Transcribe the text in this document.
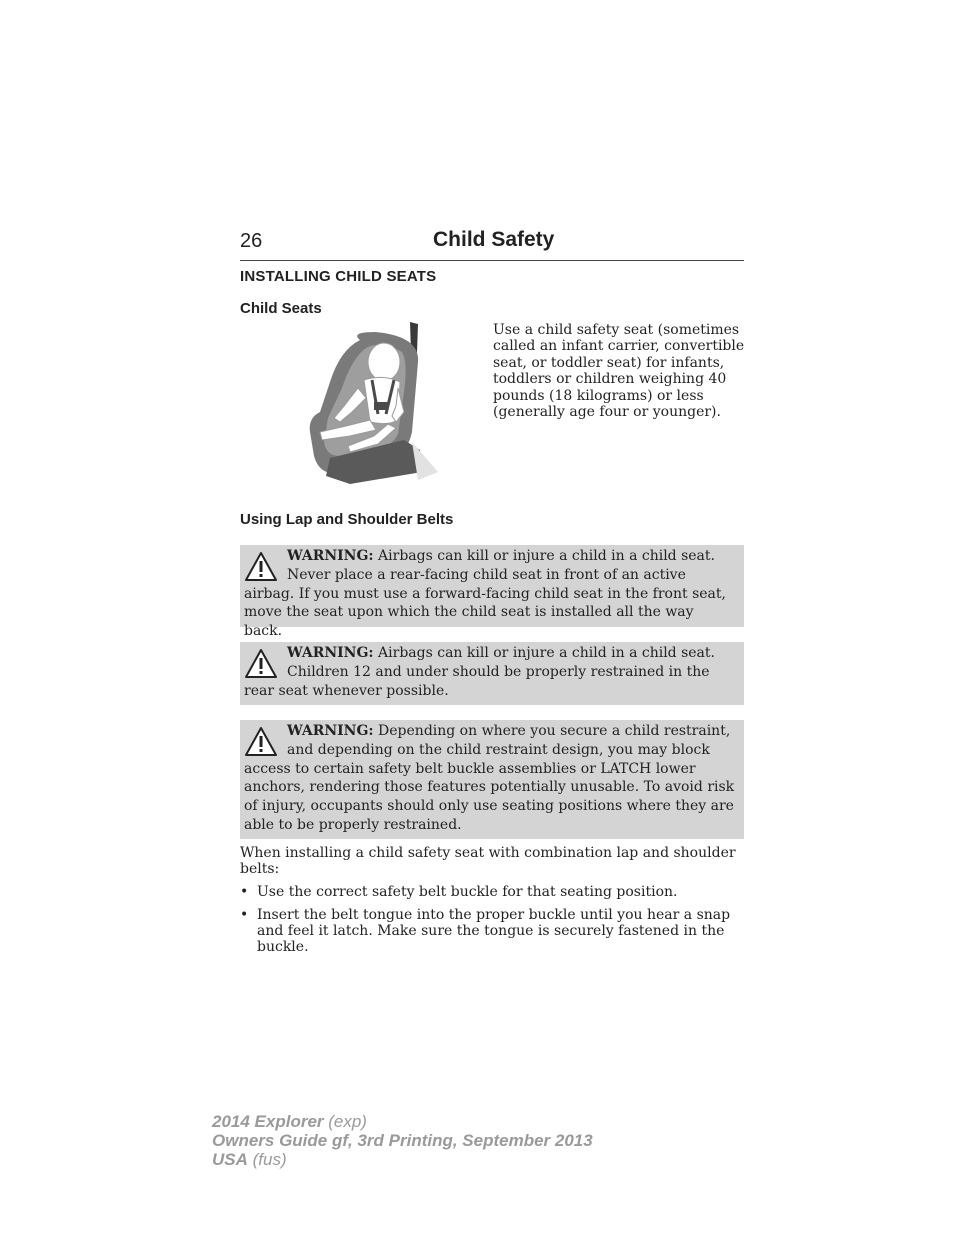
26	Child Safety
INSTALLING CHILD SEATS
Child Seats

Use a child safety seat (sometimes called an infant carrier, convertible seat, or toddler seat) for infants, toddlers or children weighing 40 pounds (18 kilograms) or less (generally age four or younger).

Using Lap and Shoulder Belts
WARNING: Airbags can kill or injure a child in a child seat. Never place a rear-facing child seat in front of an active airbag. If you must use a forward-facing child seat in the front seat, move the seat upon which the child seat is installed all the way back.
WARNING: Airbags can kill or injure a child in a child seat. Children 12 and under should be properly restrained in the rear seat whenever possible.
WARNING: Depending on where you secure a child restraint, and depending on the child restraint design, you may block access to certain safety belt buckle assemblies or LATCH lower anchors, rendering those features potentially unusable. To avoid risk of injury, occupants should only use seating positions where they are able to be properly restrained.

When installing a child safety seat with combination lap and shoulder belts:

• Use the correct safety belt buckle for that seating position.
• Insert the belt tongue into the proper buckle until you hear a snap and feel it latch. Make sure the tongue is securely fastened in the buckle.
2014 Explorer (exp)
Owners Guide gf, 3rd Printing, September 2013
USA (fus)
